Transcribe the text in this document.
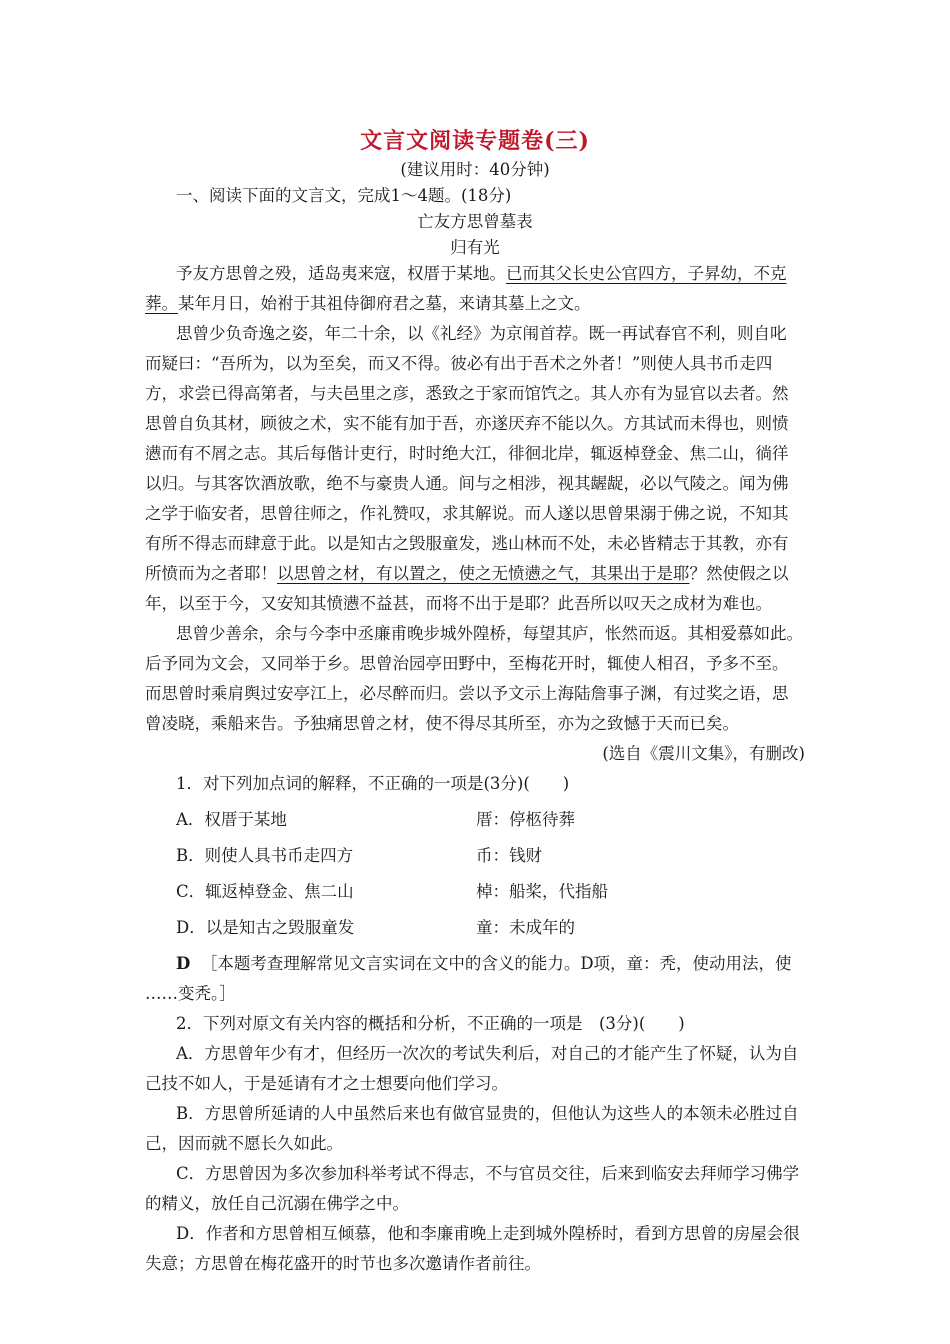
文言文阅读专题卷(三)
(建议用时：40分钟)
一、阅读下面的文言文，完成1～4题。(18分)
亡友方思曾墓表
归有光
予友方思曾之殁，适岛夷来寇，权厝于某地。已而其父长史公官四方，子昇幼，不克
葬。某年月日，始祔于其祖侍御府君之墓，来请其墓上之文。
思曾少负奇逸之姿，年二十余，以《礼经》为京闱首荐。既一再试春官不利，则自叱
而疑曰：“吾所为，以为至矣，而又不得。彼必有出于吾术之外者！”则使人具书币走四
方，求尝已得高第者，与夫邑里之彦，悉致之于家而馆饩之。其人亦有为显官以去者。然
思曾自负其材，顾彼之术，实不能有加于吾，亦遂厌弃不能以久。方其试而未得也，则愤
懑而有不屑之志。其后每偕计吏行，时时绝大江，徘徊北岸，辄返棹登金、焦二山，徜徉
以归。与其客饮酒放歌，绝不与豪贵人通。间与之相涉，视其龌龊，必以气陵之。闻为佛
之学于临安者，思曾往师之，作礼赞叹，求其解说。而人遂以思曾果溺于佛之说，不知其
有所不得志而肆意于此。以是知古之毁服童发，逃山林而不处，未必皆精志于其教，亦有
所愤而为之者耶！以思曾之材，有以置之，使之无愤懑之气，其果出于是耶？然使假之以
年，以至于今，又安知其愤懑不益甚，而将不出于是耶？此吾所以叹天之成材为难也。
思曾少善余，余与今李中丞廉甫晚步城外隍桥，每望其庐，怅然而返。其相爱慕如此。
后予同为文会，又同举于乡。思曾治园亭田野中，至梅花开时，辄使人相召，予多不至。
而思曾时乘肩舆过安亭江上，必尽醉而归。尝以予文示上海陆詹事子渊，有过奖之语，思
曾凌晓，乘船来告。予独痛思曾之材，使不得尽其所至，亦为之致憾于天而已矣。
(选自《震川文集》，有删改)
1．对下列加点词的解释，不正确的一项是(3分)(　　)
A．权厝于某地	厝：停柩待葬
B．则使人具书币走四方	币：钱财
C．辄返棹登金、焦二山	棹：船桨，代指船
D．以是知古之毁服童发	童：未成年的
D ［本题考查理解常见文言实词在文中的含义的能力。D项，童：秃，使动用法，使
……变秃。］
2．下列对原文有关内容的概括和分析，不正确的一项是　(3分)(　　)
A．方思曾年少有才，但经历一次次的考试失利后，对自己的才能产生了怀疑，认为自
己技不如人，于是延请有才之士想要向他们学习。
B．方思曾所延请的人中虽然后来也有做官显贵的，但他认为这些人的本领未必胜过自
己，因而就不愿长久如此。
C．方思曾因为多次参加科举考试不得志，不与官员交往，后来到临安去拜师学习佛学
的精义，放任自己沉溺在佛学之中。
D．作者和方思曾相互倾慕，他和李廉甫晚上走到城外隍桥时，看到方思曾的房屋会很
失意；方思曾在梅花盛开的时节也多次邀请作者前往。
